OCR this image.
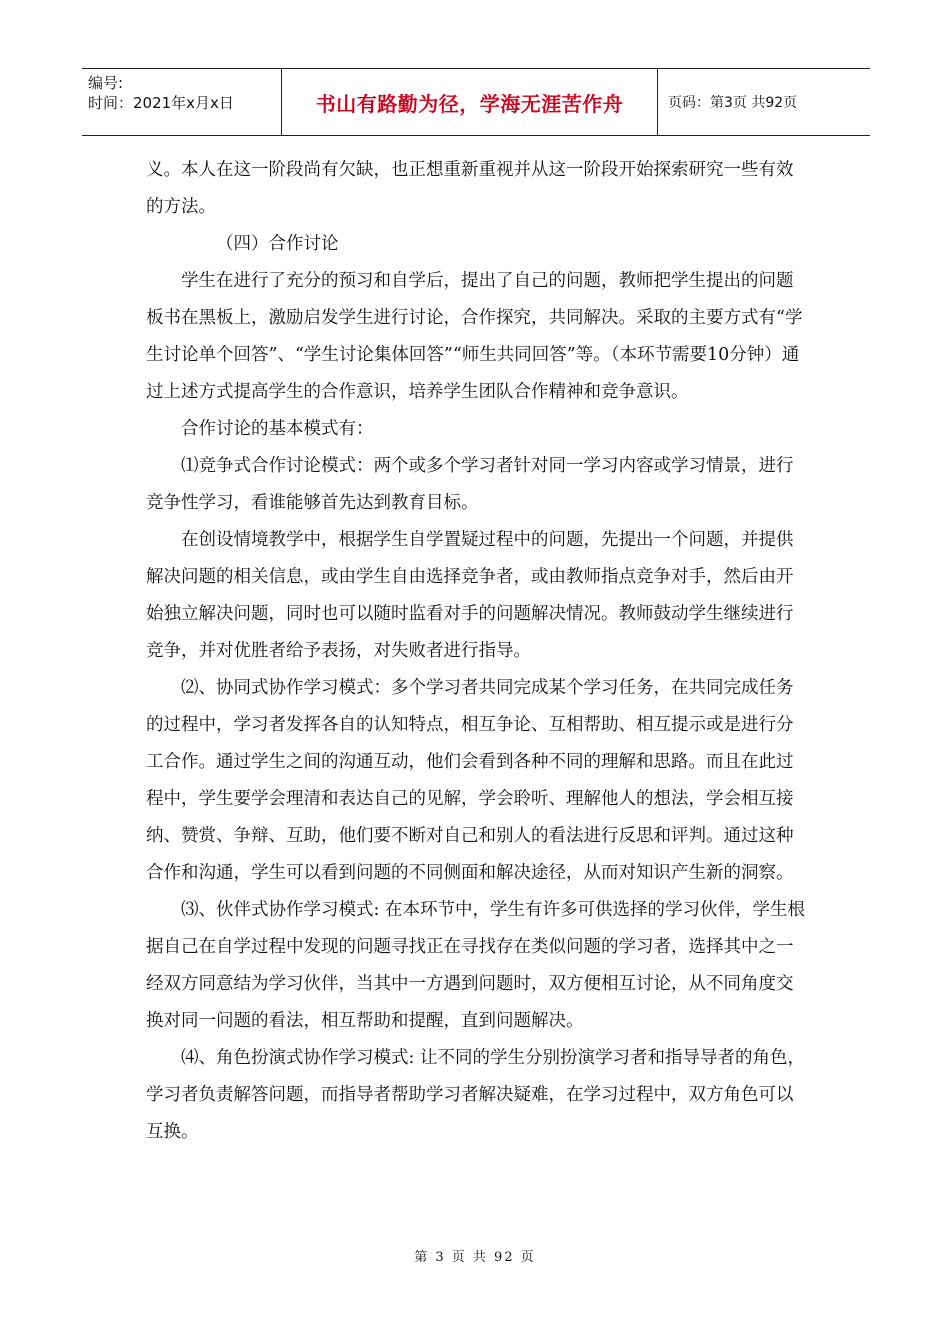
编号:
时间：2021年x月x日	书山有路勤为径，学海无涯苦作舟	页码：第3页 共92页

义。本人在这一阶段尚有欠缺，也正想重新重视并从这一阶段开始探索研究一些有效的方法。

（四）合作讨论

学生在进行了充分的预习和自学后，提出了自己的问题，教师把学生提出的问题板书在黑板上，激励启发学生进行讨论，合作探究，共同解决。采取的主要方式有“学生讨论单个回答”、“学生讨论集体回答”“师生共同回答”等。（本环节需要10分钟）通过上述方式提高学生的合作意识，培养学生团队合作精神和竞争意识。

合作讨论的基本模式有：

⑴竞争式合作讨论模式：两个或多个学习者针对同一学习内容或学习情景，进行竞争性学习，看谁能够首先达到教育目标。

在创设情境教学中，根据学生自学置疑过程中的问题，先提出一个问题，并提供解决问题的相关信息，或由学生自由选择竞争者，或由教师指点竞争对手，然后由开始独立解决问题，同时也可以随时监看对手的问题解决情况。教师鼓动学生继续进行竞争，并对优胜者给予表扬，对失败者进行指导。

⑵、协同式协作学习模式：多个学习者共同完成某个学习任务，在共同完成任务的过程中，学习者发挥各自的认知特点，相互争论、互相帮助、相互提示或是进行分工合作。通过学生之间的沟通互动，他们会看到各种不同的理解和思路。而且在此过程中，学生要学会理清和表达自己的见解，学会聆听、理解他人的想法，学会相互接纳、赞赏、争辩、互助，他们要不断对自己和别人的看法进行反思和评判。通过这种合作和沟通，学生可以看到问题的不同侧面和解决途径，从而对知识产生新的洞察。

⑶、伙伴式协作学习模式: 在本环节中，学生有许多可供选择的学习伙伴，学生根据自己在自学过程中发现的问题寻找正在寻找存在类似问题的学习者，选择其中之一经双方同意结为学习伙伴，当其中一方遇到问题时，双方便相互讨论，从不同角度交换对同一问题的看法，相互帮助和提醒，直到问题解决。

⑷、角色扮演式协作学习模式: 让不同的学生分别扮演学习者和指导导者的角色，学习者负责解答问题，而指导者帮助学习者解决疑难，在学习过程中，双方角色可以互换。

第 3 页 共 92 页
